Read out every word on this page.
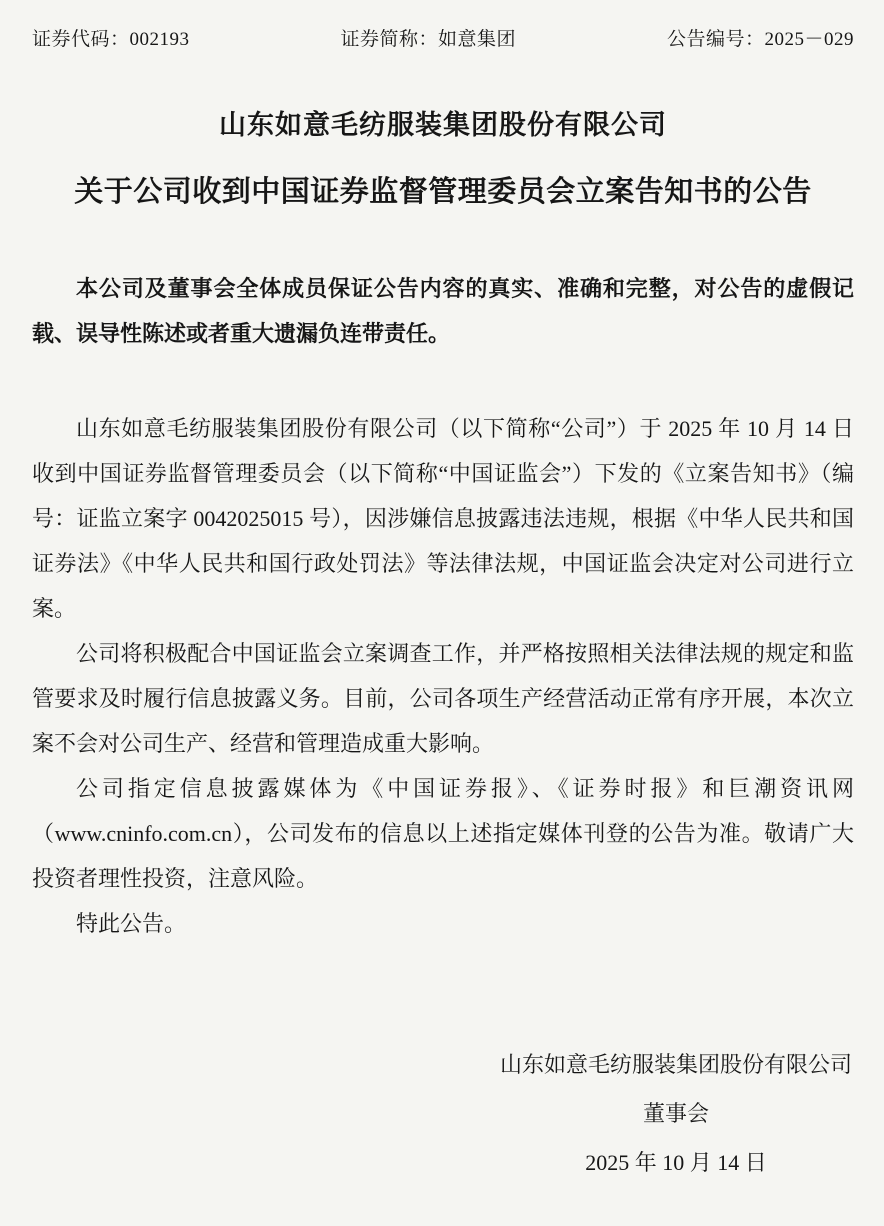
证券代码：002193	证券简称：如意集团	公告编号：2025－029
山东如意毛纺服装集团股份有限公司
关于公司收到中国证券监督管理委员会立案告知书的公告

本公司及董事会全体成员保证公告内容的真实、准确和完整，对公告的虚假记载、误导性陈述或者重大遗漏负连带责任。

山东如意毛纺服装集团股份有限公司（以下简称“公司”）于 2025 年 10 月 14 日收到中国证券监督管理委员会（以下简称“中国证监会”）下发的《立案告知书》（编号：证监立案字 0042025015 号），因涉嫌信息披露违法违规，根据《中华人民共和国证券法》《中华人民共和国行政处罚法》等法律法规，中国证监会决定对公司进行立案。

公司将积极配合中国证监会立案调查工作，并严格按照相关法律法规的规定和监管要求及时履行信息披露义务。目前，公司各项生产经营活动正常有序开展，本次立案不会对公司生产、经营和管理造成重大影响。

公司指定信息披露媒体为《中国证券报》、《证券时报》和巨潮资讯网（www.cninfo.com.cn），公司发布的信息以上述指定媒体刊登的公告为准。敬请广大投资者理性投资，注意风险。

特此公告。

山东如意毛纺服装集团股份有限公司
董事会
2025 年 10 月 14 日
